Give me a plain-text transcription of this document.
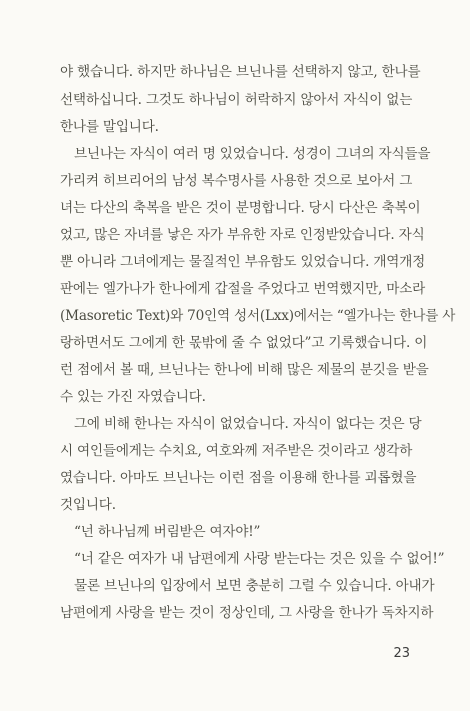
야 했습니다. 하지만 하나님은 브닌나를 선택하지 않고, 한나를
선택하십니다. 그것도 하나님이 허락하지 않아서 자식이 없는
한나를 말입니다.
브닌나는 자식이 여러 명 있었습니다. 성경이 그녀의 자식들을
가리켜 히브리어의 남성 복수명사를 사용한 것으로 보아서 그
녀는 다산의 축복을 받은 것이 분명합니다. 당시 다산은 축복이
었고, 많은 자녀를 낳은 자가 부유한 자로 인정받았습니다. 자식
뿐 아니라 그녀에게는 물질적인 부유함도 있었습니다. 개역개정
판에는 엘가나가 한나에게 갑절을 주었다고 번역했지만, 마소라
(Masoretic Text)와 70인역 성서(Lxx)에서는 “엘가나는 한나를 사
랑하면서도 그에게 한 몫밖에 줄 수 없었다”고 기록했습니다. 이
런 점에서 볼 때, 브닌나는 한나에 비해 많은 제물의 분깃을 받을
수 있는 가진 자였습니다.
그에 비해 한나는 자식이 없었습니다. 자식이 없다는 것은 당
시 여인들에게는 수치요, 여호와께 저주받은 것이라고 생각하
였습니다. 아마도 브닌나는 이런 점을 이용해 한나를 괴롭혔을
것입니다.
“넌 하나님께 버림받은 여자야!”
“너 같은 여자가 내 남편에게 사랑 받는다는 것은 있을 수 없어!”
물론 브닌나의 입장에서 보면 충분히 그럴 수 있습니다. 아내가
남편에게 사랑을 받는 것이 정상인데, 그 사랑을 한나가 독차지하
23
